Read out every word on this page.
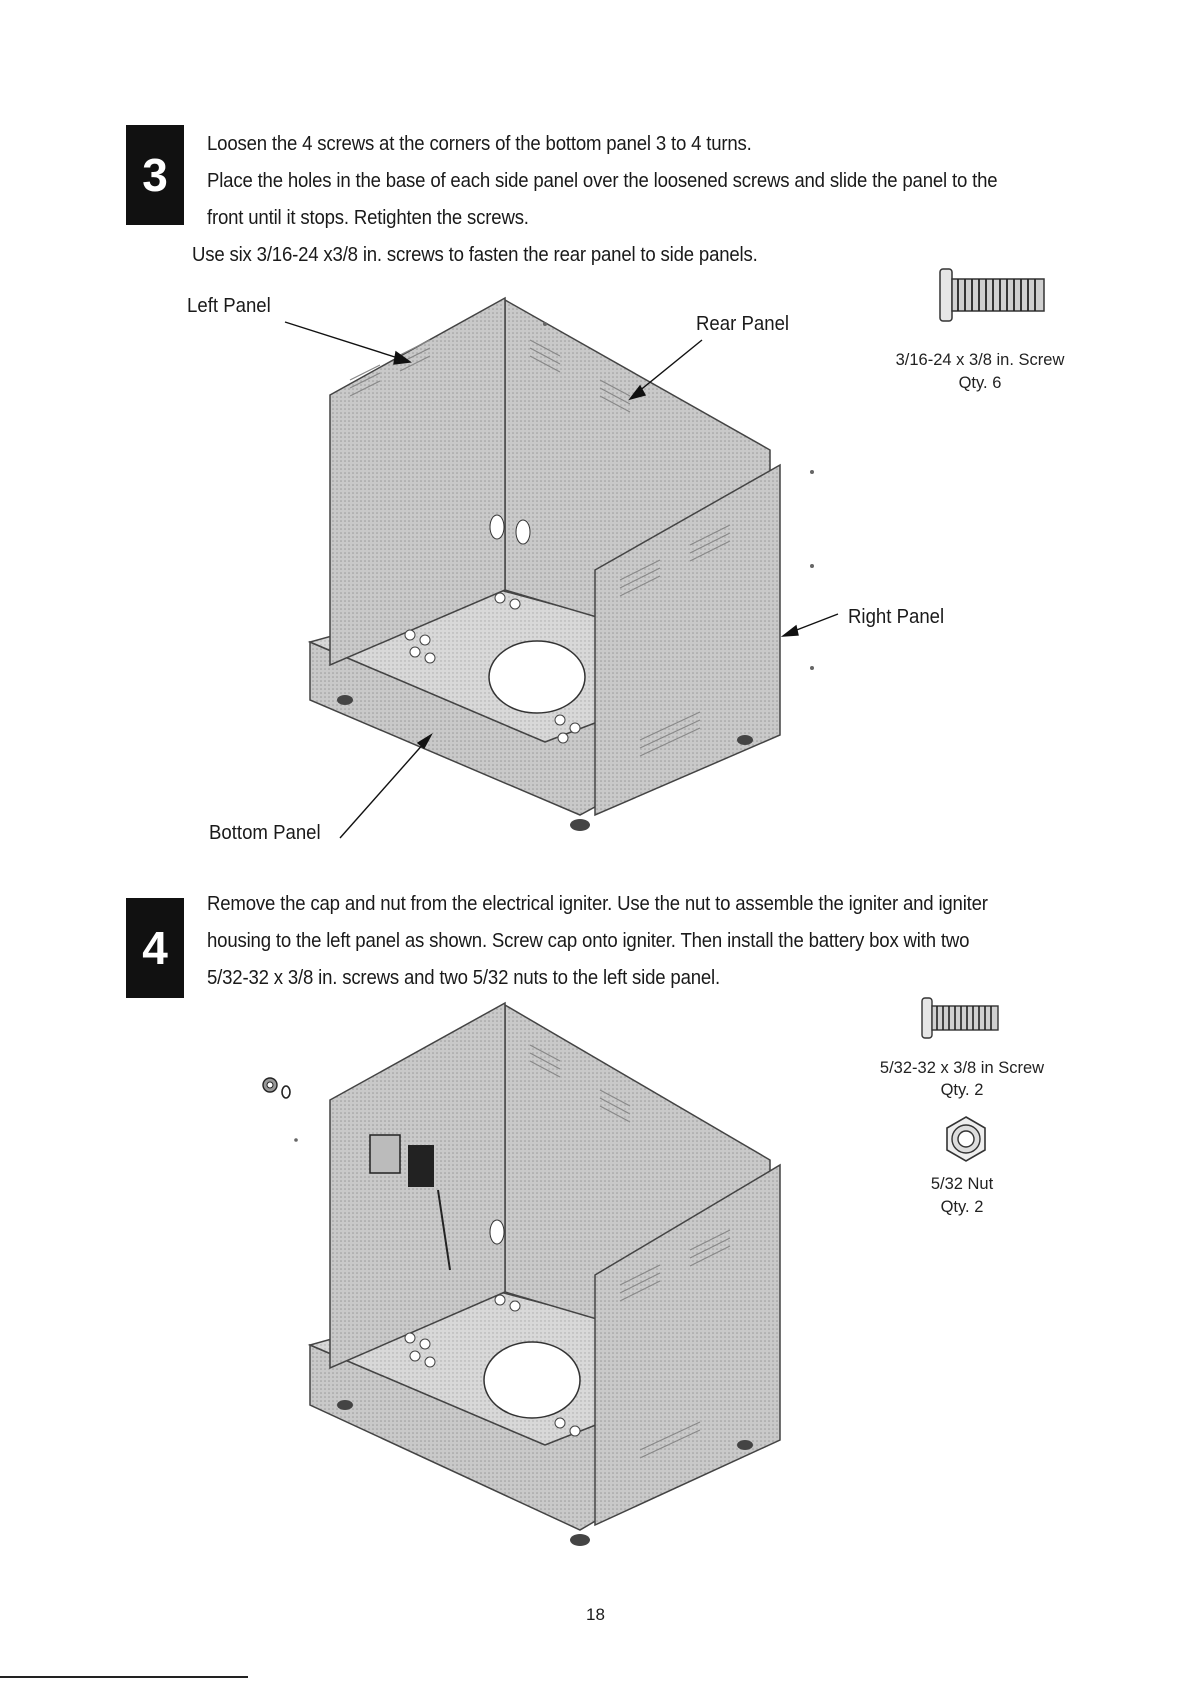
3
Loosen the 4 screws at the corners of the bottom panel 3 to 4 turns.
Place the holes in the base of each side panel over the loosened screws and slide the panel to the
front until it stops. Retighten the screws.
Use six 3/16-24 x3/8 in. screws to fasten the rear panel to side panels.
Left Panel
Rear Panel
Right Panel
Bottom Panel
3/16-24 x 3/8 in. Screw
Qty. 6
4
Remove the cap and nut from the electrical igniter. Use the nut to assemble the igniter and igniter
housing to the left panel as shown. Screw cap onto igniter. Then install the battery box with two
5/32-32 x 3/8 in. screws and two 5/32 nuts to the left side panel.
5/32-32 x 3/8 in Screw
Qty. 2
5/32 Nut
Qty. 2
18
